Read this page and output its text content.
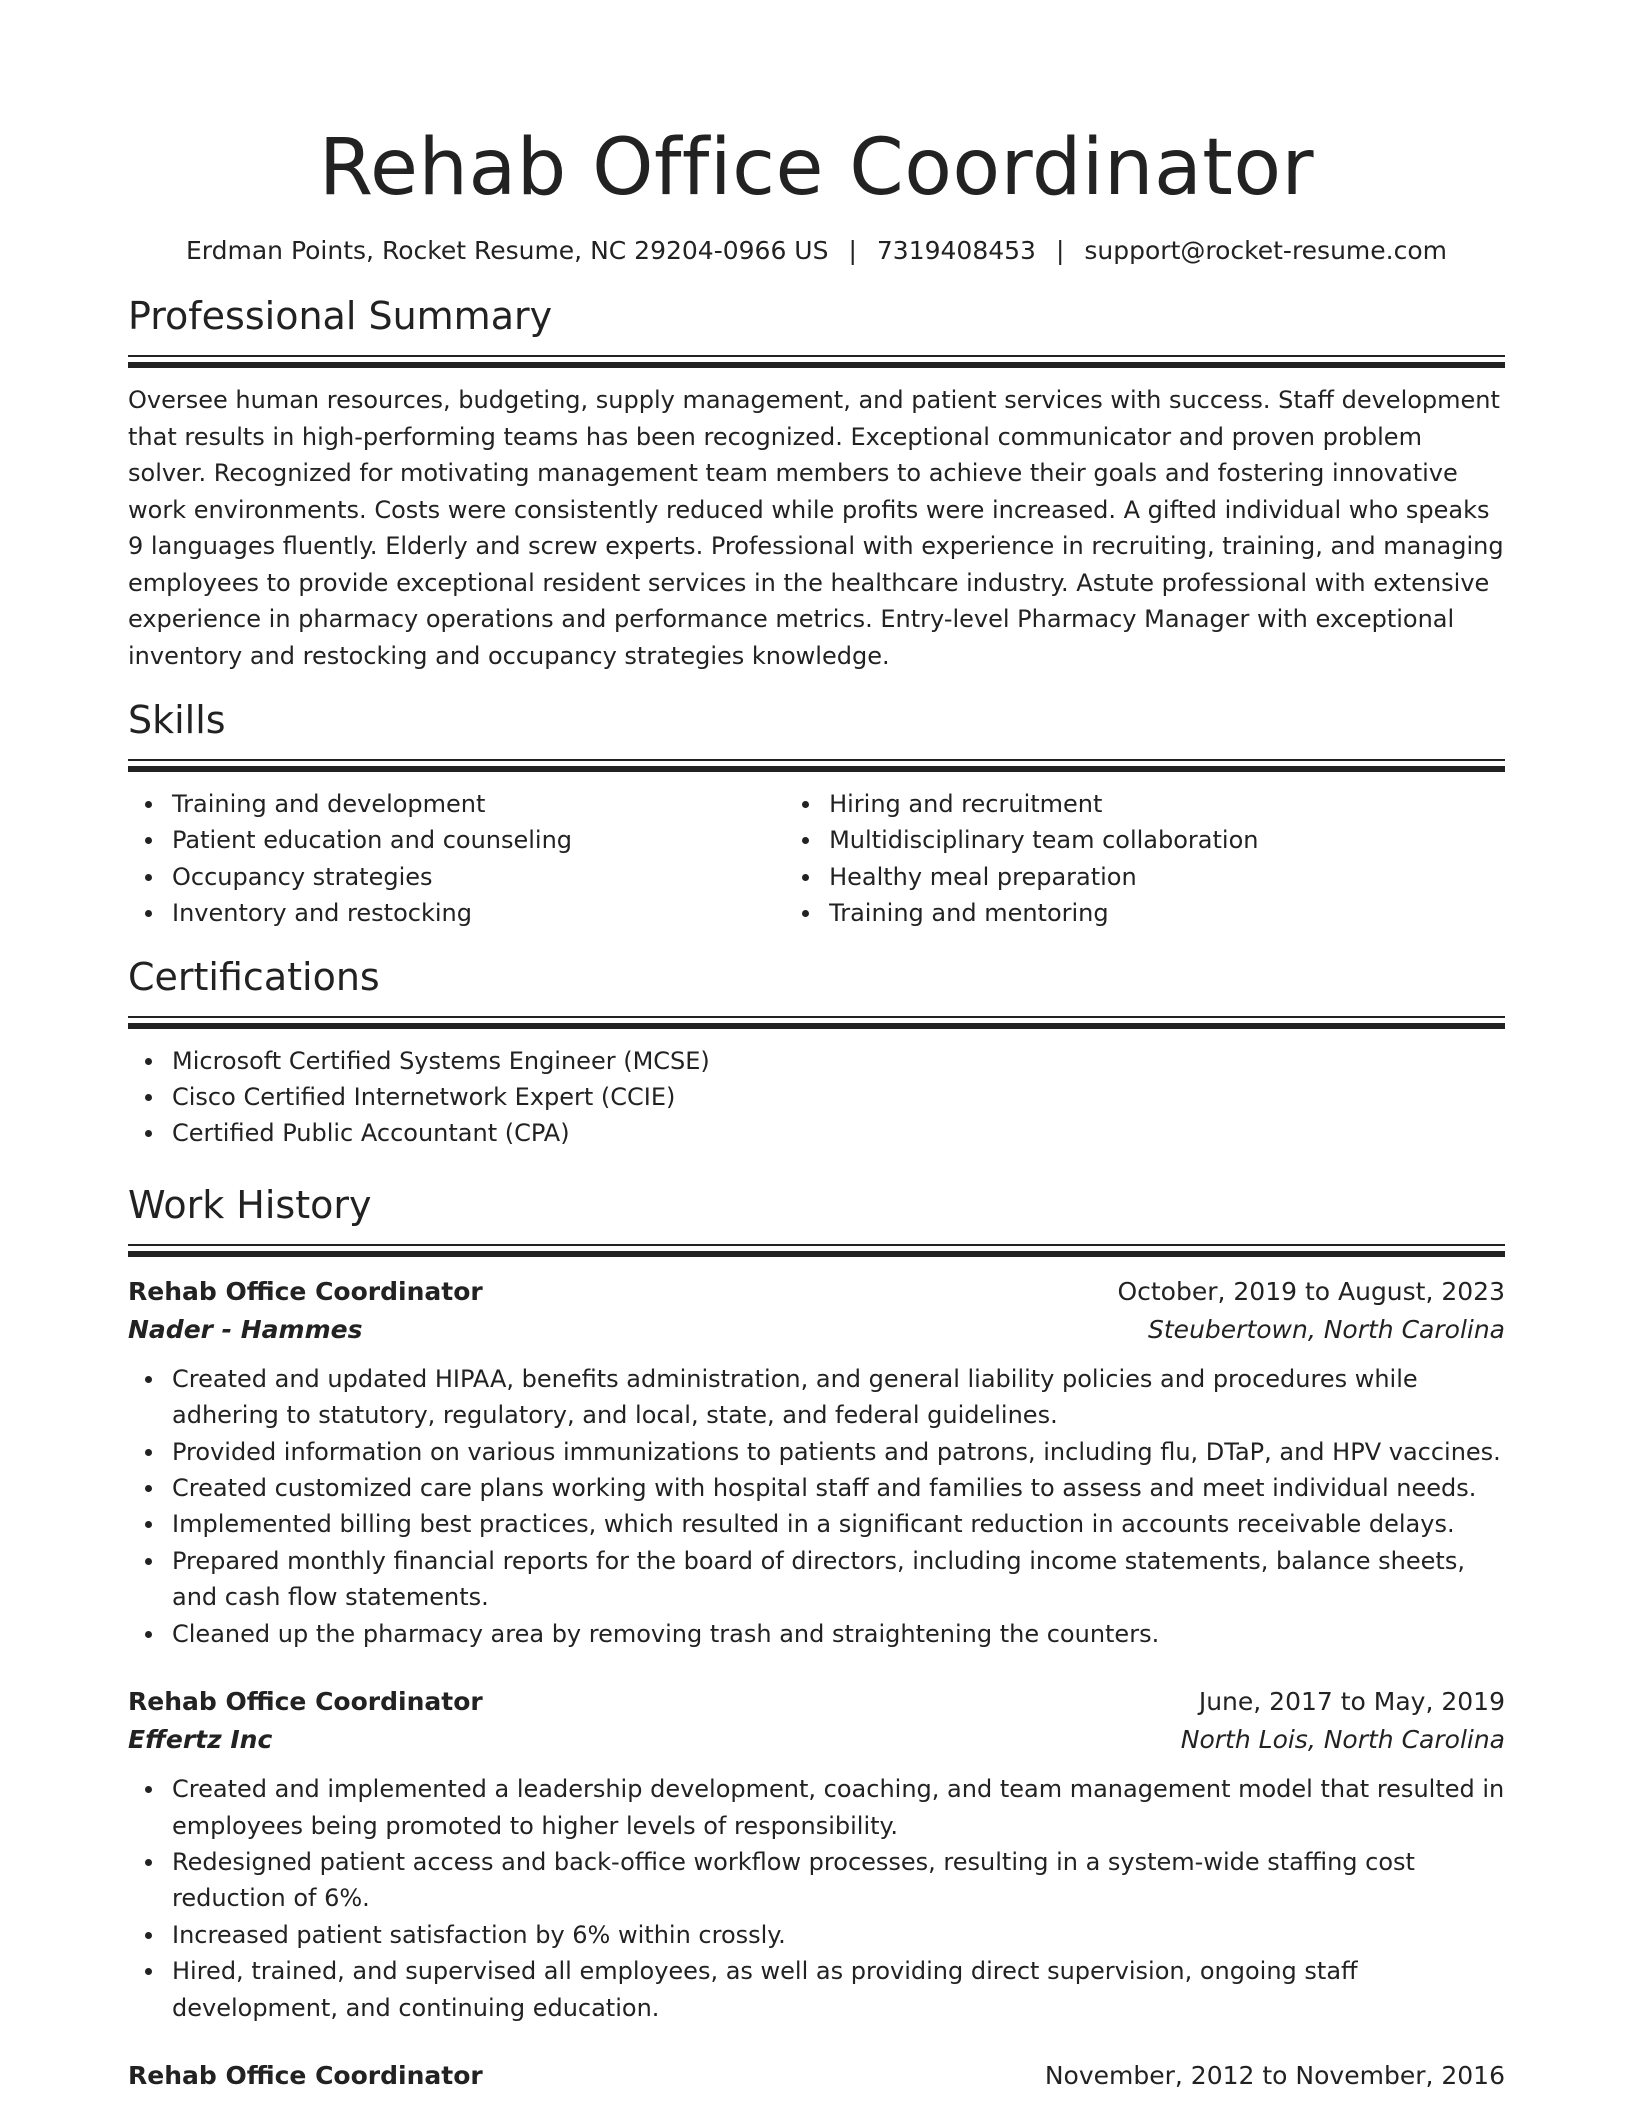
Rehab Office Coordinator
Erdman Points, Rocket Resume, NC 29204-0966 US | 7319408453 | support@rocket-resume.com
Professional Summary
Oversee human resources, budgeting, supply management, and patient services with success. Staff development that results in high-performing teams has been recognized. Exceptional communicator and proven problem solver. Recognized for motivating management team members to achieve their goals and fostering innovative work environments. Costs were consistently reduced while profits were increased. A gifted individual who speaks 9 languages fluently. Elderly and screw experts. Professional with experience in recruiting, training, and managing employees to provide exceptional resident services in the healthcare industry. Astute professional with extensive experience in pharmacy operations and performance metrics. Entry-level Pharmacy Manager with exceptional inventory and restocking and occupancy strategies knowledge.
Skills
Training and development
Patient education and counseling
Occupancy strategies
Inventory and restocking
Hiring and recruitment
Multidisciplinary team collaboration
Healthy meal preparation
Training and mentoring
Certifications
Microsoft Certified Systems Engineer (MCSE)
Cisco Certified Internetwork Expert (CCIE)
Certified Public Accountant (CPA)
Work History
Rehab Office Coordinator	October, 2019 to August, 2023
Nader - Hammes	Steubertown, North Carolina
Created and updated HIPAA, benefits administration, and general liability policies and procedures while adhering to statutory, regulatory, and local, state, and federal guidelines.
Provided information on various immunizations to patients and patrons, including flu, DTaP, and HPV vaccines.
Created customized care plans working with hospital staff and families to assess and meet individual needs.
Implemented billing best practices, which resulted in a significant reduction in accounts receivable delays.
Prepared monthly financial reports for the board of directors, including income statements, balance sheets, and cash flow statements.
Cleaned up the pharmacy area by removing trash and straightening the counters.
Rehab Office Coordinator	June, 2017 to May, 2019
Effertz Inc	North Lois, North Carolina
Created and implemented a leadership development, coaching, and team management model that resulted in employees being promoted to higher levels of responsibility.
Redesigned patient access and back-office workflow processes, resulting in a system-wide staffing cost reduction of 6%.
Increased patient satisfaction by 6% within crossly.
Hired, trained, and supervised all employees, as well as providing direct supervision, ongoing staff development, and continuing education.
Rehab Office Coordinator	November, 2012 to November, 2016
